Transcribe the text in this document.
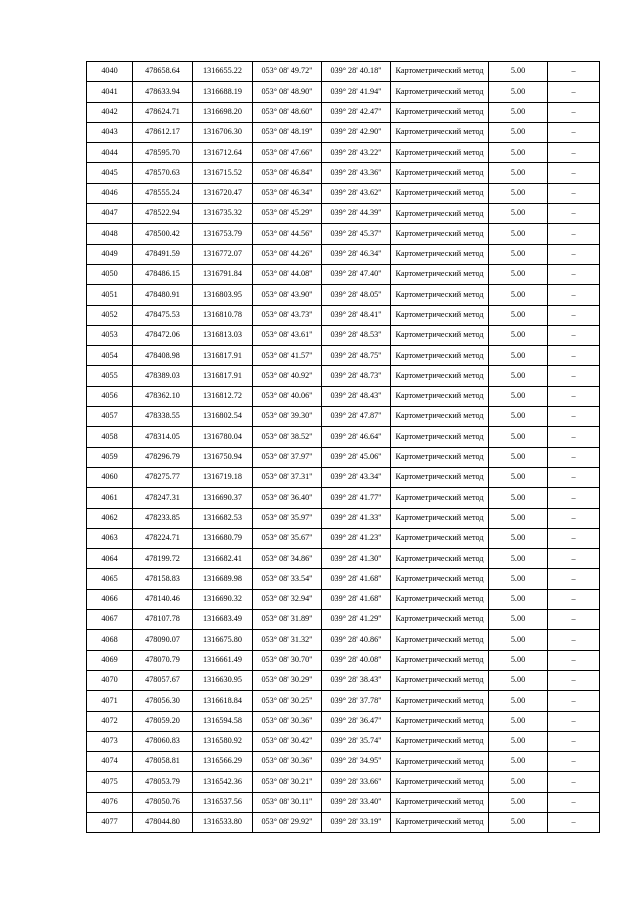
4040	478658.64	1316655.22	053° 08' 49.72"	039° 28' 40.18"	Картометрический метод	5.00	–
4041	478633.94	1316688.19	053° 08' 48.90"	039° 28' 41.94"	Картометрический метод	5.00	–
4042	478624.71	1316698.20	053° 08' 48.60"	039° 28' 42.47"	Картометрический метод	5.00	–
4043	478612.17	1316706.30	053° 08' 48.19"	039° 28' 42.90"	Картометрический метод	5.00	–
4044	478595.70	1316712.64	053° 08' 47.66"	039° 28' 43.22"	Картометрический метод	5.00	–
4045	478570.63	1316715.52	053° 08' 46.84"	039° 28' 43.36"	Картометрический метод	5.00	–
4046	478555.24	1316720.47	053° 08' 46.34"	039° 28' 43.62"	Картометрический метод	5.00	–
4047	478522.94	1316735.32	053° 08' 45.29"	039° 28' 44.39"	Картометрический метод	5.00	–
4048	478500.42	1316753.79	053° 08' 44.56"	039° 28' 45.37"	Картометрический метод	5.00	–
4049	478491.59	1316772.07	053° 08' 44.26"	039° 28' 46.34"	Картометрический метод	5.00	–
4050	478486.15	1316791.84	053° 08' 44.08"	039° 28' 47.40"	Картометрический метод	5.00	–
4051	478480.91	1316803.95	053° 08' 43.90"	039° 28' 48.05"	Картометрический метод	5.00	–
4052	478475.53	1316810.78	053° 08' 43.73"	039° 28' 48.41"	Картометрический метод	5.00	–
4053	478472.06	1316813.03	053° 08' 43.61"	039° 28' 48.53"	Картометрический метод	5.00	–
4054	478408.98	1316817.91	053° 08' 41.57"	039° 28' 48.75"	Картометрический метод	5.00	–
4055	478389.03	1316817.91	053° 08' 40.92"	039° 28' 48.73"	Картометрический метод	5.00	–
4056	478362.10	1316812.72	053° 08' 40.06"	039° 28' 48.43"	Картометрический метод	5.00	–
4057	478338.55	1316802.54	053° 08' 39.30"	039° 28' 47.87"	Картометрический метод	5.00	–
4058	478314.05	1316780.04	053° 08' 38.52"	039° 28' 46.64"	Картометрический метод	5.00	–
4059	478296.79	1316750.94	053° 08' 37.97"	039° 28' 45.06"	Картометрический метод	5.00	–
4060	478275.77	1316719.18	053° 08' 37.31"	039° 28' 43.34"	Картометрический метод	5.00	–
4061	478247.31	1316690.37	053° 08' 36.40"	039° 28' 41.77"	Картометрический метод	5.00	–
4062	478233.85	1316682.53	053° 08' 35.97"	039° 28' 41.33"	Картометрический метод	5.00	–
4063	478224.71	1316680.79	053° 08' 35.67"	039° 28' 41.23"	Картометрический метод	5.00	–
4064	478199.72	1316682.41	053° 08' 34.86"	039° 28' 41.30"	Картометрический метод	5.00	–
4065	478158.83	1316689.98	053° 08' 33.54"	039° 28' 41.68"	Картометрический метод	5.00	–
4066	478140.46	1316690.32	053° 08' 32.94"	039° 28' 41.68"	Картометрический метод	5.00	–
4067	478107.78	1316683.49	053° 08' 31.89"	039° 28' 41.29"	Картометрический метод	5.00	–
4068	478090.07	1316675.80	053° 08' 31.32"	039° 28' 40.86"	Картометрический метод	5.00	–
4069	478070.79	1316661.49	053° 08' 30.70"	039° 28' 40.08"	Картометрический метод	5.00	–
4070	478057.67	1316630.95	053° 08' 30.29"	039° 28' 38.43"	Картометрический метод	5.00	–
4071	478056.30	1316618.84	053° 08' 30.25"	039° 28' 37.78"	Картометрический метод	5.00	–
4072	478059.20	1316594.58	053° 08' 30.36"	039° 28' 36.47"	Картометрический метод	5.00	–
4073	478060.83	1316580.92	053° 08' 30.42"	039° 28' 35.74"	Картометрический метод	5.00	–
4074	478058.81	1316566.29	053° 08' 30.36"	039° 28' 34.95"	Картометрический метод	5.00	–
4075	478053.79	1316542.36	053° 08' 30.21"	039° 28' 33.66"	Картометрический метод	5.00	–
4076	478050.76	1316537.56	053° 08' 30.11"	039° 28' 33.40"	Картометрический метод	5.00	–
4077	478044.80	1316533.80	053° 08' 29.92"	039° 28' 33.19"	Картометрический метод	5.00	–
